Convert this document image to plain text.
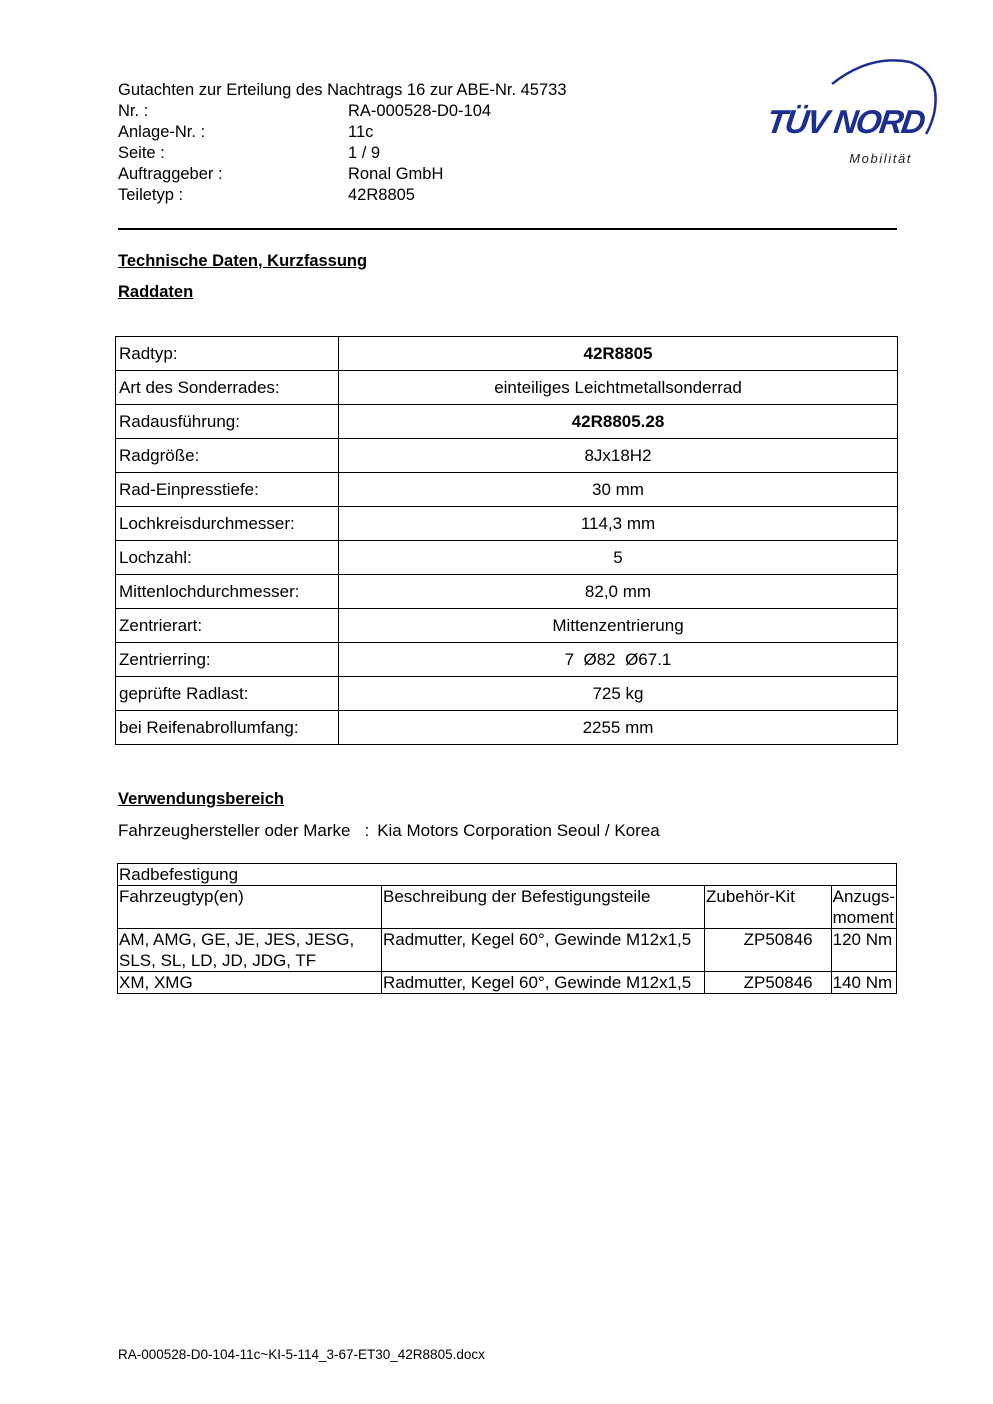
Gutachten zur Erteilung des Nachtrags 16 zur ABE-Nr. 45733
Nr. :	RA-000528-D0-104
Anlage-Nr. :	11c
Seite :	1 / 9
Auftraggeber :	Ronal GmbH
Teiletyp :	42R8805
TÜV NORD
Mobilität
Technische Daten, Kurzfassung
Raddaten
Radtyp:	42R8805
Art des Sonderrades:	einteiliges Leichtmetallsonderrad
Radausführung:	42R8805.28
Radgröße:	8Jx18H2
Rad-Einpresstiefe:	30 mm
Lochkreisdurchmesser:	114,3 mm
Lochzahl:	5
Mittenlochdurchmesser:	82,0 mm
Zentrierart:	Mittenzentrierung
Zentrierring:	7  Ø82  Ø67.1
geprüfte Radlast:	725 kg
bei Reifenabrollumfang:	2255 mm
Verwendungsbereich
Fahrzeughersteller oder Marke : Kia Motors Corporation Seoul / Korea
Radbefestigung			
Fahrzeugtyp(en)	Beschreibung der Befestigungsteile	Zubehör-Kit	Anzugs-
moment
AM, AMG, GE, JE, JES, JESG, SLS, SL, LD, JD, JDG, TF	Radmutter, Kegel 60°, Gewinde M12x1,5	ZP50846	120 Nm
XM, XMG	Radmutter, Kegel 60°, Gewinde M12x1,5	ZP50846	140 Nm
RA-000528-D0-104-11c~KI-5-114_3-67-ET30_42R8805.docx
